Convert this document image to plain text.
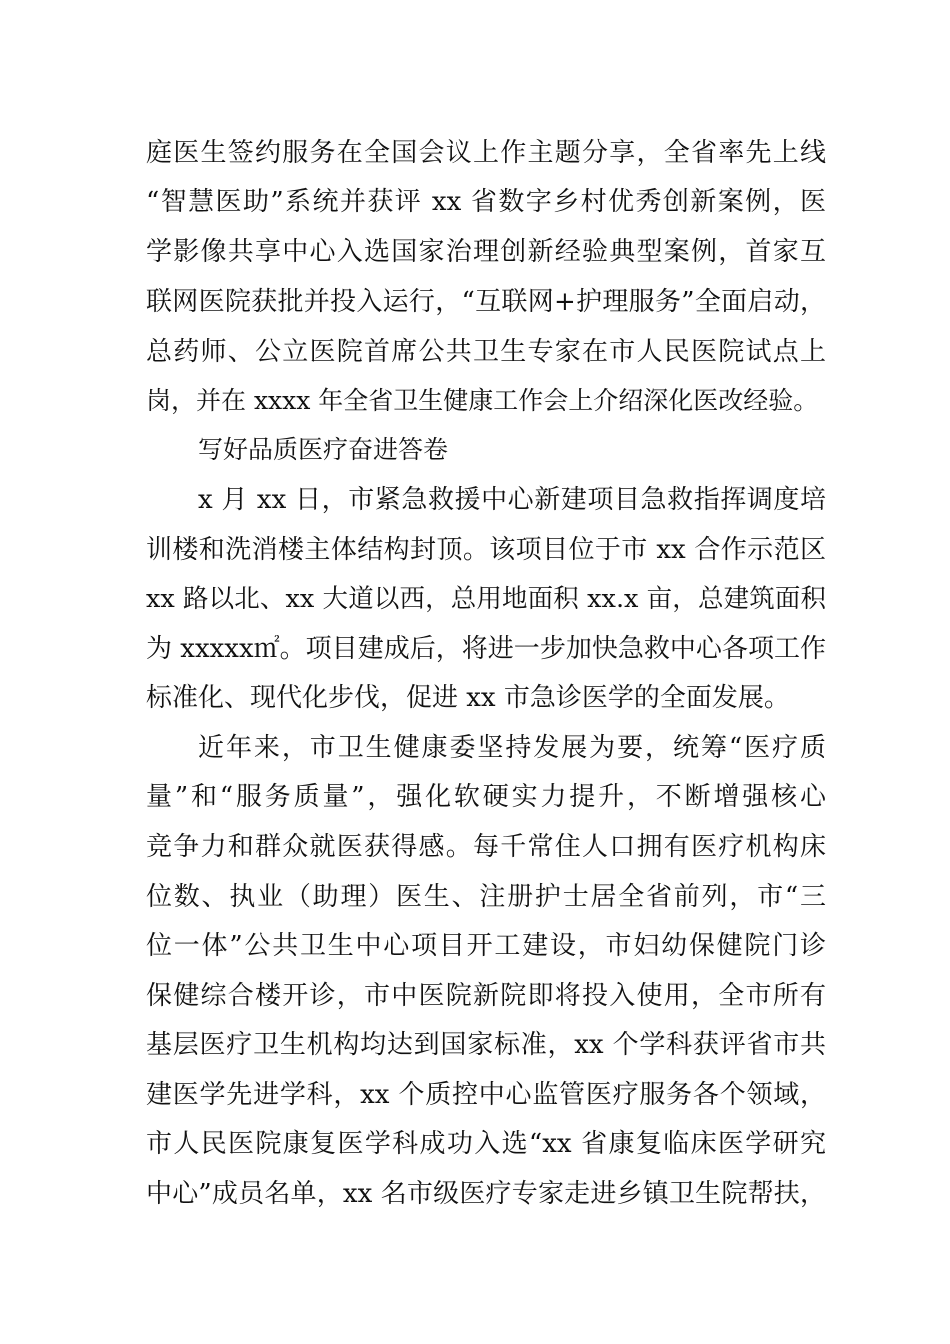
庭医生签约服务在全国会议上作主题分享，全省率先上线
“智慧医助”系统并获评 xx 省数字乡村优秀创新案例，医
学影像共享中心入选国家治理创新经验典型案例，首家互
联网医院获批并投入运行，“互联网+护理服务”全面启动，
总药师、公立医院首席公共卫生专家在市人民医院试点上
岗，并在 xxxx 年全省卫生健康工作会上介绍深化医改经验。
写好品质医疗奋进答卷
x 月 xx 日，市紧急救援中心新建项目急救指挥调度培
训楼和洗消楼主体结构封顶。该项目位于市 xx 合作示范区
xx 路以北、xx 大道以西，总用地面积 xx.x 亩，总建筑面积
为 xxxxx㎡。项目建成后，将进一步加快急救中心各项工作
标准化、现代化步伐，促进 xx 市急诊医学的全面发展。
近年来，市卫生健康委坚持发展为要，统筹“医疗质
量”和“服务质量”，强化软硬实力提升，不断增强核心
竞争力和群众就医获得感。每千常住人口拥有医疗机构床
位数、执业（助理）医生、注册护士居全省前列，市“三
位一体”公共卫生中心项目开工建设，市妇幼保健院门诊
保健综合楼开诊，市中医院新院即将投入使用，全市所有
基层医疗卫生机构均达到国家标准，xx 个学科获评省市共
建医学先进学科，xx 个质控中心监管医疗服务各个领域，
市人民医院康复医学科成功入选“xx 省康复临床医学研究
中心”成员名单，xx 名市级医疗专家走进乡镇卫生院帮扶，
